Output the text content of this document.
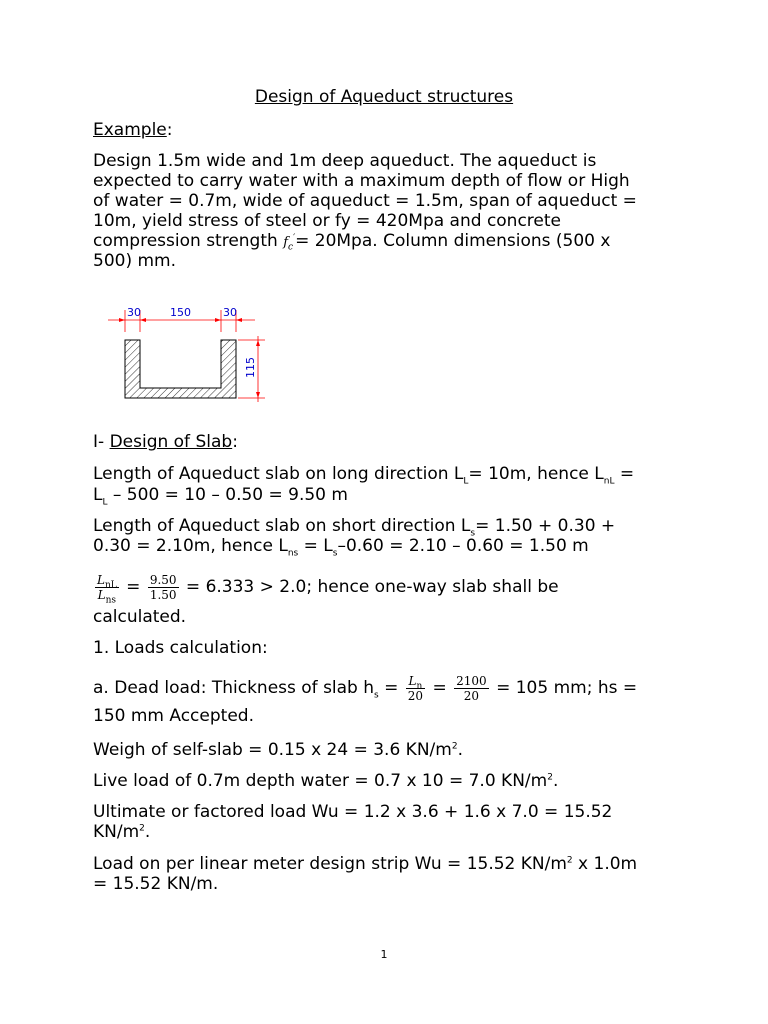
Design of Aqueduct structures
Example:
Design 1.5m wide and 1m deep aqueduct. The aqueduct is
expected to carry water with a maximum depth of flow or High
of water = 0.7m, wide of aqueduct = 1.5m, span of aqueduct =
10m, yield stress of steel or fy = 420Mpa and concrete
compression strength $f_c'= 20Mpa$. Column dimensions (500 x
500) mm.
30	150	30
115
I- Design of Slab:
Length of Aqueduct slab on long direction $L_L= 10m$, hence $L_{nL}$ =
$L_L - 500 = 10 - 0.50 = 9.50$ m
Length of Aqueduct slab on short direction $L_s= 1.50 + 0.30$ +
0.30 = 2.10m, hence $L_{ns} = L_s-0.60 = 2.10 - 0.60 = 1.50$ m
$\frac{L_{nL}}{L_{ns}} = \frac{9.50}{1.50} = 6.333 > 2.0$; hence one-way slab shall be
calculated.
1. Loads calculation:
a. Dead load: Thickness of slab $h_s = \frac{L_n}{20} = \frac{2100}{20} = 105$ mm; hs =
150 mm Accepted.
Weigh of self-slab = 0.15 x 24 = 3.6 $KN/m^2$.
Live load of 0.7m depth water = 0.7 x 10 = 7.0 $KN/m^2$.
Ultimate or factored load Wu = 1.2 x 3.6 + 1.6 x 7.0 = 15.52
$KN/m^2$.
Load on per linear meter design strip Wu = 15.52 $KN/m^2$ x 1.0m
= 15.52 KN/m.
1
